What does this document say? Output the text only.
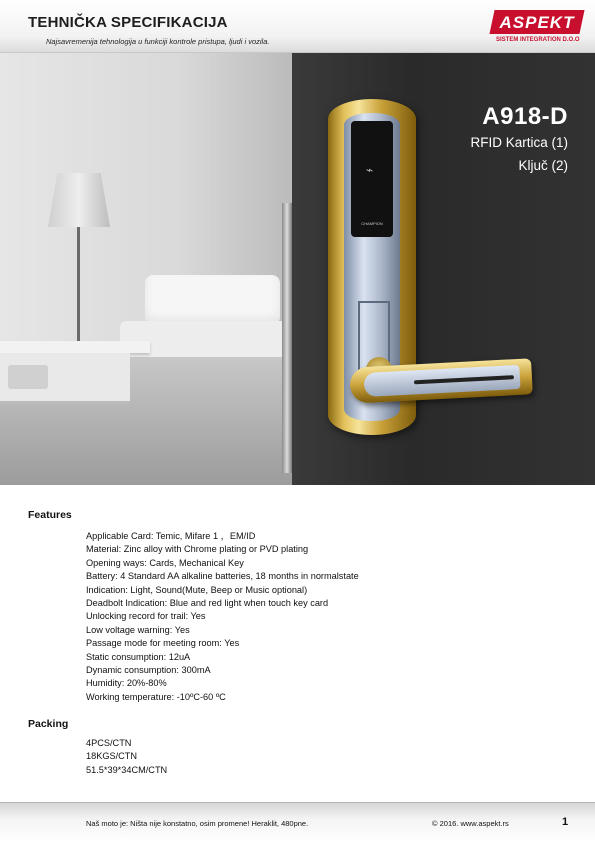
TEHNIČKA SPECIFIKACIJA
Najsavremenija tehnologija u funkciji kontrole pristupa, ljudi i vozila.
ASPEKT
SISTEM INTEGRATION D.O.O
⌁
CHAMPION
A918-D
RFID Kartica (1)
Ključ (2)
Features
Applicable Card: Temic, Mifare 1 ，EM/ID
Material: Zinc alloy with Chrome plating or PVD plating
Opening ways: Cards, Mechanical Key
Battery: 4 Standard AA alkaline batteries, 18 months in normalstate
Indication: Light, Sound(Mute, Beep or Music optional)
Deadbolt Indication: Blue and red light when touch key card
Unlocking record for trail: Yes
Low voltage warning: Yes
Passage mode for meeting room: Yes
Static consumption: 12uA
Dynamic consumption: 300mA
Humidity: 20%-80%
Working temperature: -10ºC-60 ºC
Packing
4PCS/CTN
18KGS/CTN
51.5*39*34CM/CTN
Naš moto je: Ništa nije konstatno, osim promene! Heraklit, 480pne.	© 2016. www.aspekt.rs	1
